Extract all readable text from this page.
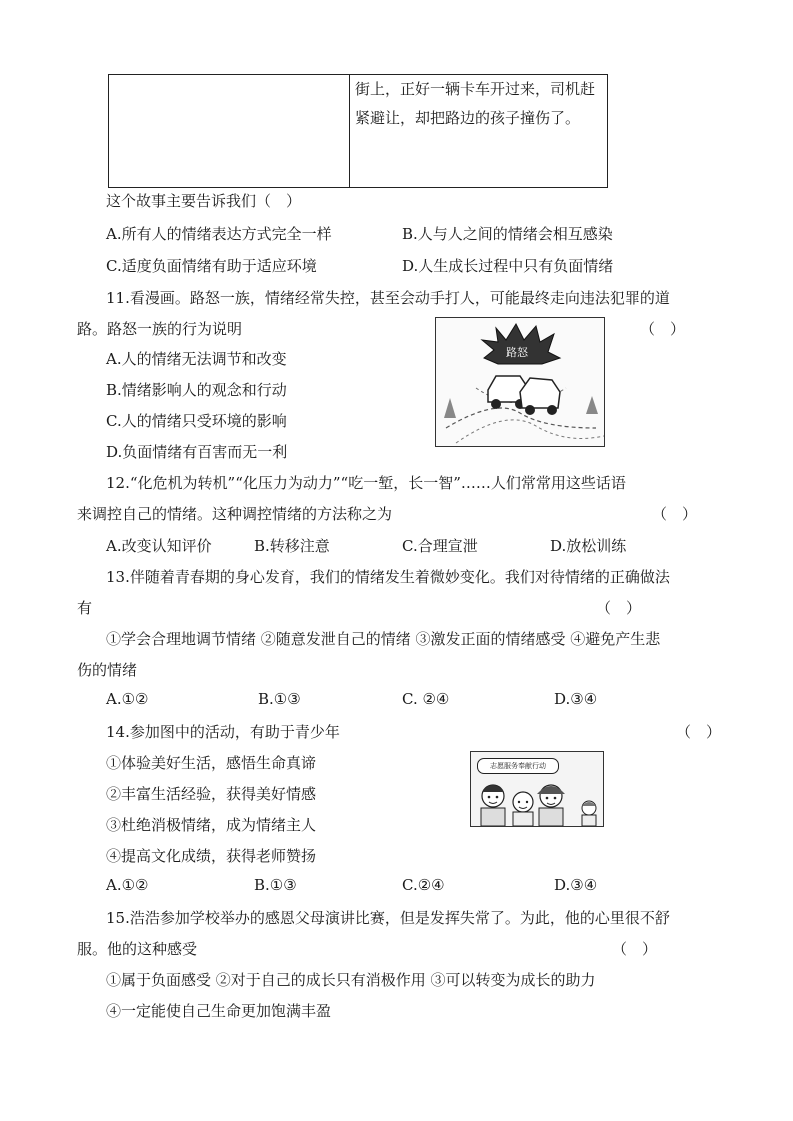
街上，正好一辆卡车开过来，司机赶
紧避让，却把路边的孩子撞伤了。
这个故事主要告诉我们（　）
A.所有人的情绪表达方式完全一样	B.人与人之间的情绪会相互感染
C.适度负面情绪有助于适应环境	D.人生成长过程中只有负面情绪
11.看漫画。路怒一族，情绪经常失控，甚至会动手打人，可能最终走向违法犯罪的道
路。路怒一族的行为说明	（　）
A.人的情绪无法调节和改变
B.情绪影响人的观念和行动
C.人的情绪只受环境的影响
D.负面情绪有百害而无一利
路怒
12.“化危机为转机”“化压力为动力”“吃一堑，长一智”……人们常常用这些话语
来调控自己的情绪。这种调控情绪的方法称之为	（　）
A.改变认知评价	B.转移注意	C.合理宣泄	D.放松训练
13.伴随着青春期的身心发育，我们的情绪发生着微妙变化。我们对待情绪的正确做法
有	（　）
①学会合理地调节情绪 ②随意发泄自己的情绪 ③激发正面的情绪感受 ④避免产生悲
伤的情绪
A.①②	B.①③	C. ②④	D.③④
14.参加图中的活动，有助于青少年	（　）
①体验美好生活，感悟生命真谛
②丰富生活经验，获得美好情感
③杜绝消极情绪，成为情绪主人
④提高文化成绩，获得老师赞扬
A.①②	B.①③	C.②④	D.③④
志愿服务奉献行动
15.浩浩参加学校举办的感恩父母演讲比赛，但是发挥失常了。为此，他的心里很不舒
服。他的这种感受	（　）
①属于负面感受 ②对于自己的成长只有消极作用 ③可以转变为成长的助力
④一定能使自己生命更加饱满丰盈
